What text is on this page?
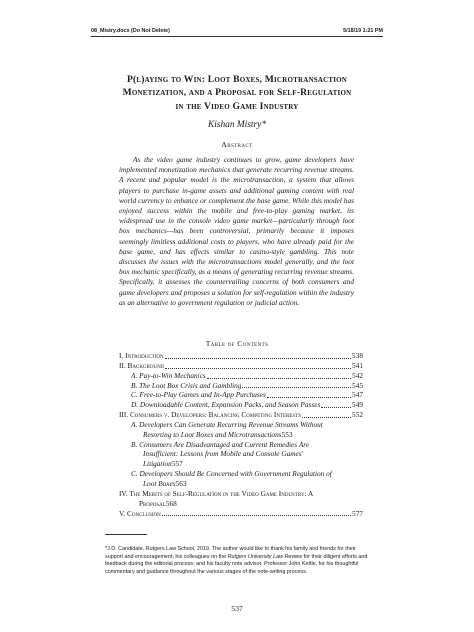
08_Mistry.docx (Do Not Delete)	5/18/19 1:21 PM
P(l)aying to Win: Loot Boxes, Microtransaction
Monetization, and a Proposal for Self-Regulation
in the Video Game Industry
Kishan Mistry*
Abstract
As the video game industry continues to grow, game developers have implemented monetization mechanics that generate recurring revenue streams. A recent and popular model is the microtransaction, a system that allows players to purchase in-game assets and additional gaming content with real world currency to enhance or complement the base game. While this model has enjoyed success within the mobile and free-to-play gaming market, its widespread use in the console video game market—particularly through loot box mechanics—has been controversial, primarily because it imposes seemingly limitless additional costs to players, who have already paid for the base game, and has effects similar to casino-style gambling. This note discusses the issues with the microtransactions model generally, and the loot box mechanic specifically, as a means of generating recurring revenue streams. Specifically, it assesses the countervailing concerns of both consumers and game developers and proposes a solution for self-regulation within the industry as an alternative to government regulation or judicial action.
Table of Contents
I. Introduction	538
II. Background	541
A. Pay-to-Win Mechanics	542
B. The Loot Box Crisis and Gambling	545
C. Free-to-Play Games and In-App Purchases	547
D. Downloadable Content, Expansion Packs, and Season Passes	549
III. Consumers v. Developers: Balancing Competing Interests	552
A. Developers Can Generate Recurring Revenue Streams Without
Resorting to Loot Boxes and Microtransactions 553
B. Consumers Are Disadvantaged and Current Remedies Are
Insufficient: Lessons from Mobile and Console Games'
Litigation 557
C. Developers Should Be Concerned with Government Regulation of
Loot Boxes 563
IV. The Merits of Self-Regulation in the Video Game Industry: A
Proposal 568
V. Conclusion	577
*J.D. Candidate, Rutgers Law School, 2019. The author would like to thank his family and friends for their support and encouragement; his colleagues on the Rutgers University Law Review for their diligent efforts and feedback during the editorial process; and his faculty note advisor, Professor John Kettle, for his thoughtful commentary and guidance throughout the various stages of the note-writing process.
537
